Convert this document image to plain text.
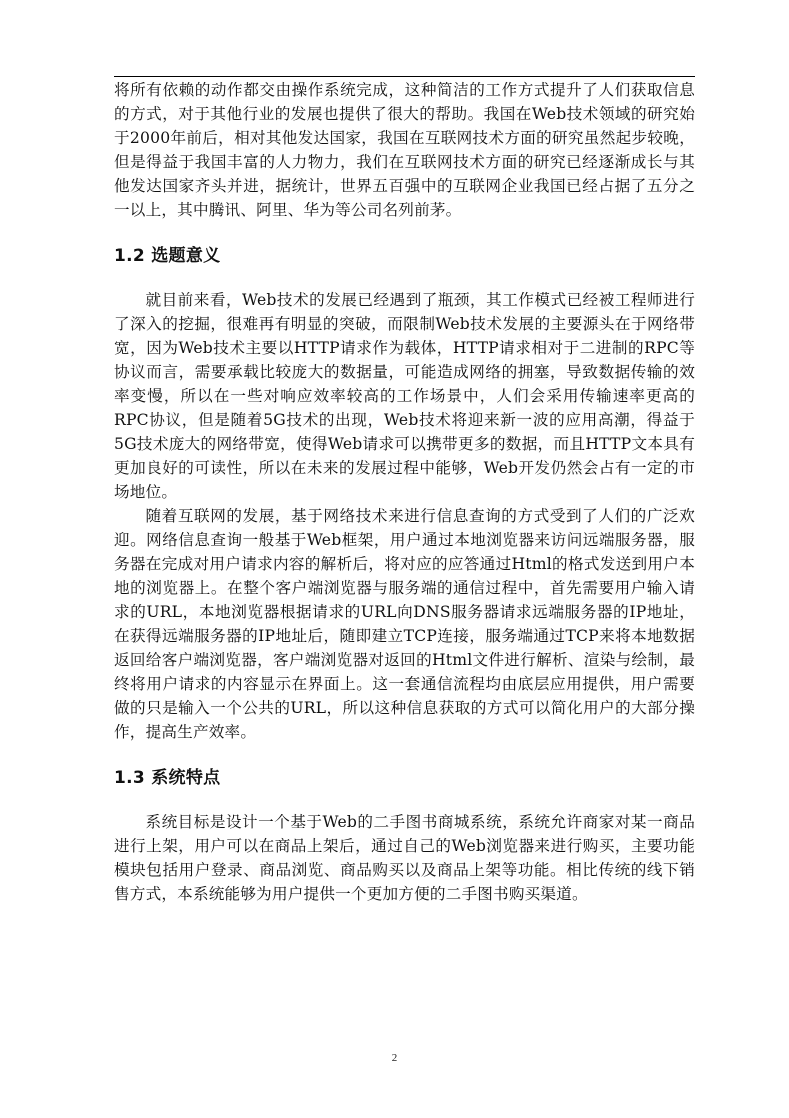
将所有依赖的动作都交由操作系统完成，这种简洁的工作方式提升了人们获取信息的方式，对于其他行业的发展也提供了很大的帮助。我国在Web技术领域的研究始于2000年前后，相对其他发达国家，我国在互联网技术方面的研究虽然起步较晚，但是得益于我国丰富的人力物力，我们在互联网技术方面的研究已经逐渐成长与其他发达国家齐头并进，据统计，世界五百强中的互联网企业我国已经占据了五分之一以上，其中腾讯、阿里、华为等公司名列前茅。

1.2 选题意义

就目前来看，Web技术的发展已经遇到了瓶颈，其工作模式已经被工程师进行了深入的挖掘，很难再有明显的突破，而限制Web技术发展的主要源头在于网络带宽，因为Web技术主要以HTTP请求作为载体，HTTP请求相对于二进制的RPC等协议而言，需要承载比较庞大的数据量，可能造成网络的拥塞，导致数据传输的效率变慢，所以在一些对响应效率较高的工作场景中，人们会采用传输速率更高的RPC协议，但是随着5G技术的出现，Web技术将迎来新一波的应用高潮，得益于5G技术庞大的网络带宽，使得Web请求可以携带更多的数据，而且HTTP文本具有更加良好的可读性，所以在未来的发展过程中能够，Web开发仍然会占有一定的市场地位。

随着互联网的发展，基于网络技术来进行信息查询的方式受到了人们的广泛欢迎。网络信息查询一般基于Web框架，用户通过本地浏览器来访问远端服务器，服务器在完成对用户请求内容的解析后，将对应的应答通过Html的格式发送到用户本地的浏览器上。在整个客户端浏览器与服务端的通信过程中，首先需要用户输入请求的URL，本地浏览器根据请求的URL向DNS服务器请求远端服务器的IP地址，在获得远端服务器的IP地址后，随即建立TCP连接，服务端通过TCP来将本地数据返回给客户端浏览器，客户端浏览器对返回的Html文件进行解析、渲染与绘制，最终将用户请求的内容显示在界面上。这一套通信流程均由底层应用提供，用户需要做的只是输入一个公共的URL，所以这种信息获取的方式可以简化用户的大部分操作，提高生产效率。

1.3 系统特点

系统目标是设计一个基于Web的二手图书商城系统，系统允许商家对某一商品进行上架，用户可以在商品上架后，通过自己的Web浏览器来进行购买，主要功能模块包括用户登录、商品浏览、商品购买以及商品上架等功能。相比传统的线下销售方式，本系统能够为用户提供一个更加方便的二手图书购买渠道。

2
